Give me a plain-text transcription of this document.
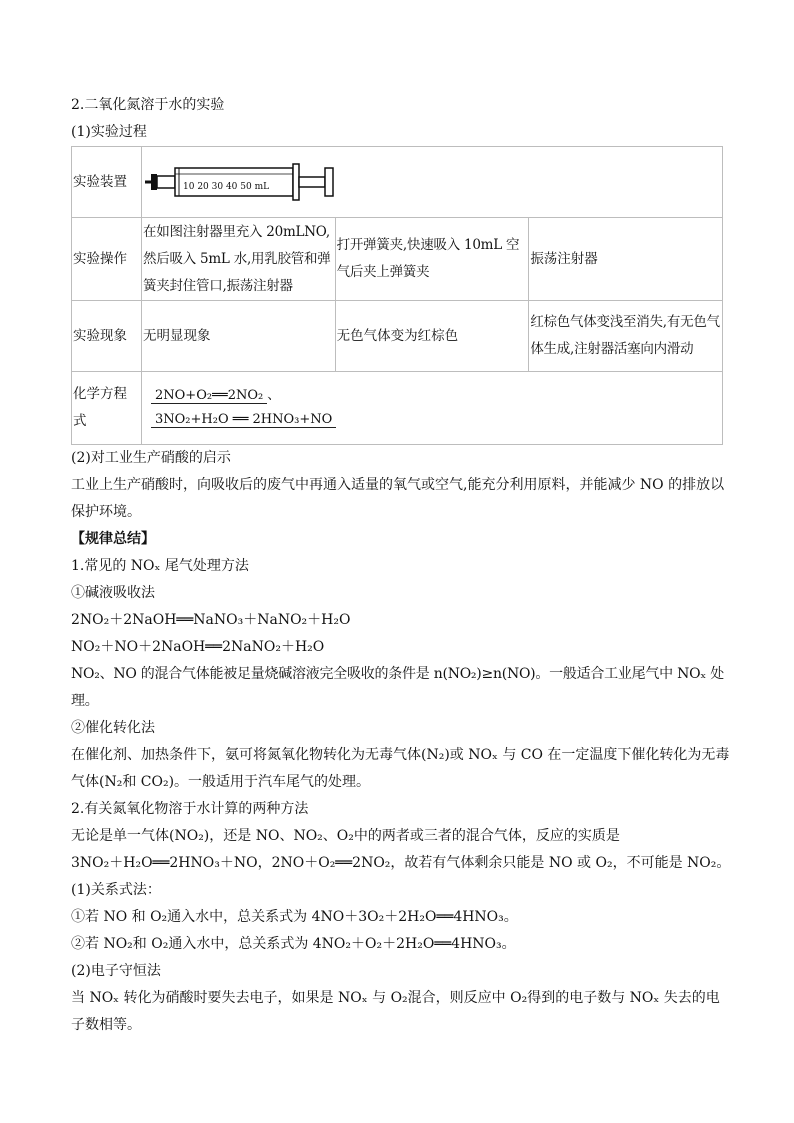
2.二氧化氮溶于水的实验
(1)实验过程
实验装置	10 20 30 40 50 mL		

实验操作	在如图注射器里充入 20mLNO,然后吸入 5mL 水,用乳胶管和弹簧夹封住管口,振荡注射器	打开弹簧夹,快速吸入 10mL 空气后夹上弹簧夹	振荡注射器
实验现象	无明显现象	无色气体变为红棕色	红棕色气体变浅至消失,有无色气体生成,注射器活塞向内滑动
化学方程式	2NO+O₂══2NO₂ 、
3NO₂+H₂O ══ 2HNO₃+NO		
(2)对工业生产硝酸的启示
工业上生产硝酸时，向吸收后的废气中再通入适量的氧气或空气,能充分利用原料，并能减少 NO 的排放以保护环境。
【规律总结】
1.常见的 NOₓ 尾气处理方法
①碱液吸收法
2NO₂＋2NaOH══NaNO₃＋NaNO₂＋H₂O
NO₂＋NO＋2NaOH══2NaNO₂＋H₂O
NO₂、NO 的混合气体能被足量烧碱溶液完全吸收的条件是 n(NO₂)≥n(NO)。一般适合工业尾气中 NOₓ 处理。
②催化转化法
在催化剂、加热条件下，氨可将氮氧化物转化为无毒气体(N₂)或 NOₓ 与 CO 在一定温度下催化转化为无毒气体(N₂和 CO₂)。一般适用于汽车尾气的处理。
2.有关氮氧化物溶于水计算的两种方法
无论是单一气体(NO₂)，还是 NO、NO₂、O₂中的两者或三者的混合气体，反应的实质是
3NO₂＋H₂O══2HNO₃＋NO，2NO＋O₂══2NO₂，故若有气体剩余只能是 NO 或 O₂，不可能是 NO₂。
(1)关系式法：
①若 NO 和 O₂通入水中，总关系式为 4NO＋3O₂＋2H₂O══4HNO₃。
②若 NO₂和 O₂通入水中，总关系式为 4NO₂＋O₂＋2H₂O══4HNO₃。
(2)电子守恒法
当 NOₓ 转化为硝酸时要失去电子，如果是 NOₓ 与 O₂混合，则反应中 O₂得到的电子数与 NOₓ 失去的电子数相等。
